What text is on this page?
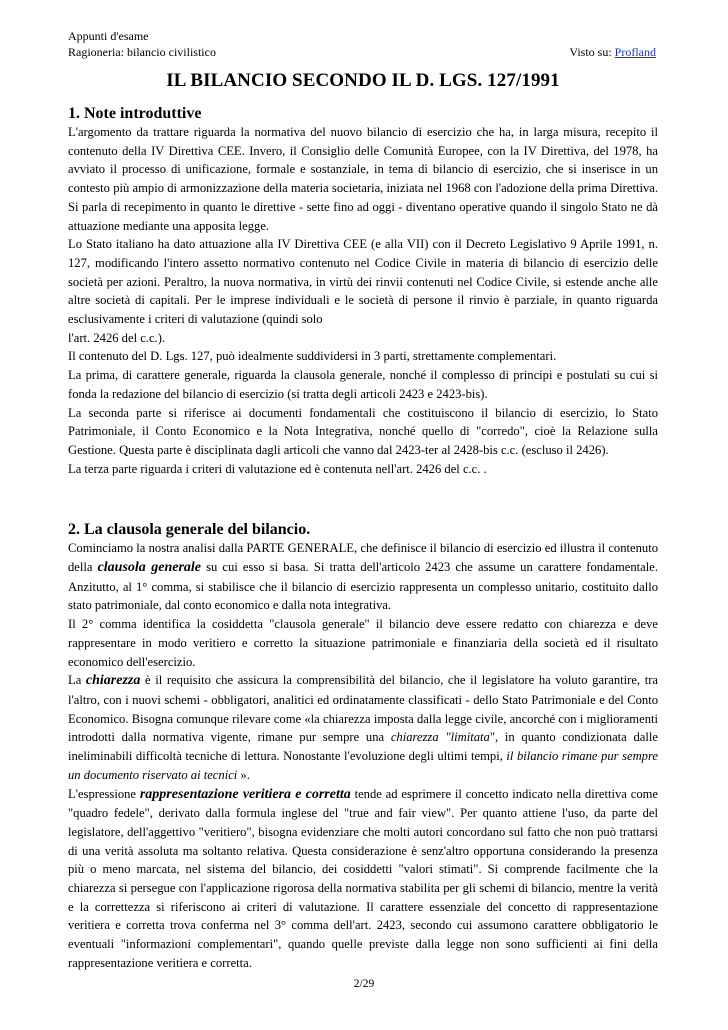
Appunti d'esame
Ragioneria: bilancio civilistico	Visto su: Profland
IL BILANCIO SECONDO IL D. LGS. 127/1991
1. Note introduttive

L'argomento da trattare riguarda la normativa del nuovo bilancio di esercizio che ha, in larga misura, recepito il contenuto della IV Direttiva CEE. Invero, il Consiglio delle Comunità Europee, con la IV Direttiva, del 1978, ha avviato il processo di unificazione, formale e sostanziale, in tema di bilancio di esercizio, che si inserisce in un contesto più ampio di armonizzazione della materia societaria, iniziata nel 1968 con l'adozione della prima Direttiva. Si parla di recepimento in quanto le direttive - sette fino ad oggi - diventano operative quando il singolo Stato ne dà attuazione mediante una apposita legge.

Lo Stato italiano ha dato attuazione alla IV Direttiva CEE (e alla VII) con il Decreto Legislativo 9 Aprile 1991, n. 127, modificando l'intero assetto normativo contenuto nel Codice Civile in materia di bilancio di esercizio delle società per azioni. Peraltro, la nuova normativa, in virtù dei rinvii contenuti nel Codice Civile, si estende anche alle altre società di capitali. Per le imprese individuali e le società di persone il rinvio è parziale, in quanto riguarda esclusivamente i criteri di valutazione (quindi solo

l'art. 2426 del c.c.).

Il contenuto del D. Lgs. 127, può idealmente suddividersi in 3 parti, strettamente complementari.

La prima, di carattere generale, riguarda la clausola generale, nonché il complesso di principi e postulati su cui si fonda la redazione del bilancio di esercizio (si tratta degli articoli 2423 e 2423-bis).

La seconda parte si riferisce ai documenti fondamentali che costituiscono il bilancio di esercizio, lo Stato Patrimoniale, il Conto Economico e la Nota Integrativa, nonché quello di "corredo", cioè la Relazione sulla Gestione. Questa parte è disciplinata dagli articoli che vanno dal 2423-ter al 2428-bis c.c. (escluso il 2426).

La terza parte riguarda i criteri di valutazione ed è contenuta nell'art. 2426 del c.c. .

2. La clausola generale del bilancio.

Cominciamo la nostra analisi dalla PARTE GENERALE, che definisce il bilancio di esercizio ed illustra il contenuto della clausola generale su cui esso si basa. Si tratta dell'articolo 2423 che assume un carattere fondamentale. Anzitutto, al 1° comma, si stabilisce che il bilancio di esercizio rappresenta un complesso unitario, costituito dallo stato patrimoniale, dal conto economico e dalla nota integrativa.

Il 2° comma identifica la cosiddetta "clausola generale" il bilancio deve essere redatto con chiarezza e deve rappresentare in modo veritiero e corretto la situazione patrimoniale e finanziaria della società ed il risultato economico dell'esercizio.

La chiarezza è il requisito che assicura la comprensibilità del bilancio, che il legislatore ha voluto garantire, tra l'altro, con i nuovi schemi - obbligatori, analitici ed ordinatamente classificati - dello Stato Patrimoniale e del Conto Economico. Bisogna comunque rilevare come «la chiarezza imposta dalla legge civile, ancorché con i miglioramenti introdotti dalla normativa vigente, rimane pur sempre una chiarezza "limitata", in quanto condizionata dalle ineliminabili difficoltà tecniche di lettura. Nonostante l'evoluzione degli ultimi tempi, il bilancio rimane pur sempre un documento riservato ai tecnici ».

L'espressione rappresentazione veritiera e corretta tende ad esprimere il concetto indicato nella direttiva come "quadro fedele", derivato dalla formula inglese del "true and fair view". Per quanto attiene l'uso, da parte del legislatore, dell'aggettivo "veritiero", bisogna evidenziare che molti autori concordano sul fatto che non può trattarsi di una verità assoluta ma soltanto relativa. Questa considerazione è senz'altro opportuna considerando la presenza più o meno marcata, nel sistema del bilancio, dei cosiddetti "valori stimati". Si comprende facilmente che la chiarezza si persegue con l'applicazione rigorosa della normativa stabilita per gli schemi di bilancio, mentre la verità e la correttezza si riferiscono ai criteri di valutazione. Il carattere essenziale del concetto di rappresentazione veritiera e corretta trova conferma nel 3° comma dell'art. 2423, secondo cui assumono carattere obbligatorio le eventuali "informazioni complementari", quando quelle previste dalla legge non sono sufficienti ai fini della rappresentazione veritiera e corretta.

2/29
